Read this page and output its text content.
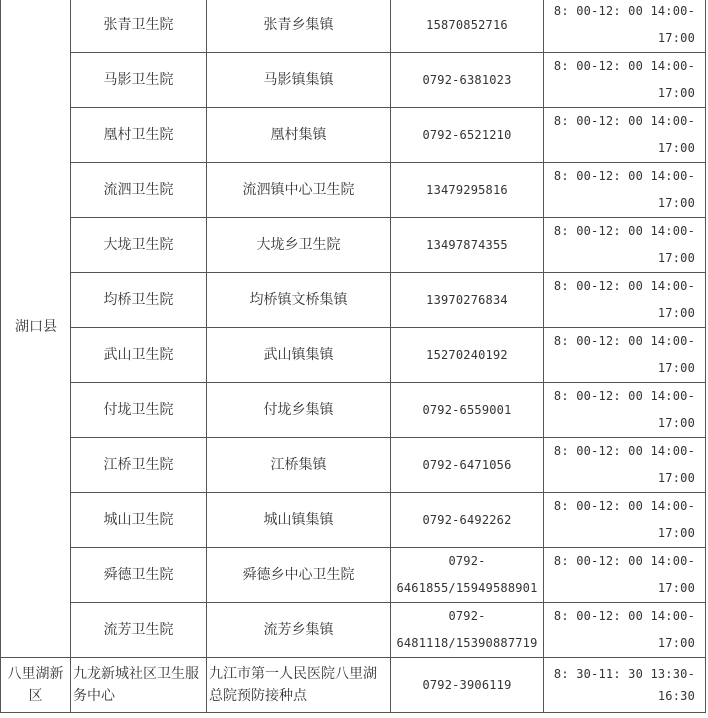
湖口县	张青卫生院	张青乡集镇	15870852716	8: 00-12: 00 14:00-
17:00
	马影卫生院	马影镇集镇	0792-6381023	8: 00-12: 00 14:00-
17:00
	凰村卫生院	凰村集镇	0792-6521210	8: 00-12: 00 14:00-
17:00
	流泗卫生院	流泗镇中心卫生院	13479295816	8: 00-12: 00 14:00-
17:00
	大垅卫生院	大垅乡卫生院	13497874355	8: 00-12: 00 14:00-
17:00
	均桥卫生院	均桥镇文桥集镇	13970276834	8: 00-12: 00 14:00-
17:00
	武山卫生院	武山镇集镇	15270240192	8: 00-12: 00 14:00-
17:00
	付垅卫生院	付垅乡集镇	0792-6559001	8: 00-12: 00 14:00-
17:00
	江桥卫生院	江桥集镇	0792-6471056	8: 00-12: 00 14:00-
17:00
	城山卫生院	城山镇集镇	0792-6492262	8: 00-12: 00 14:00-
17:00
	舜德卫生院	舜德乡中心卫生院	0792-
6461855/15949588901	8: 00-12: 00 14:00-
17:00
	流芳卫生院	流芳乡集镇	0792-
6481118/15390887719	8: 00-12: 00 14:00-
17:00
八里湖新
区	九龙新城社区卫生服
务中心	九江市第一人民医院八里湖
总院预防接种点	0792-3906119	8: 30-11: 30 13:30-
16:30
